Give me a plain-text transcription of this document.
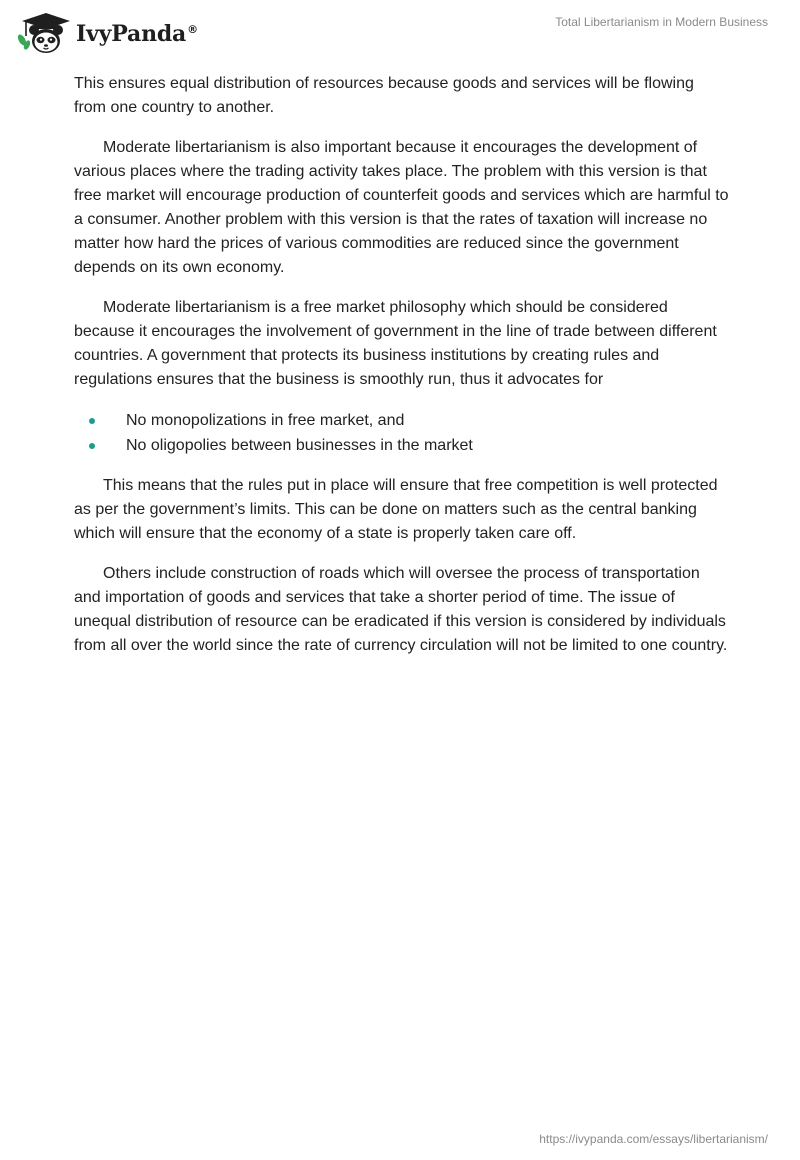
IvyPanda®
Total Libertarianism in Modern Business

This ensures equal distribution of resources because goods and services will be flowing from one country to another.

Moderate libertarianism is also important because it encourages the development of various places where the trading activity takes place. The problem with this version is that free market will encourage production of counterfeit goods and services which are harmful to a consumer. Another problem with this version is that the rates of taxation will increase no matter how hard the prices of various commodities are reduced since the government depends on its own economy.

Moderate libertarianism is a free market philosophy which should be considered because it encourages the involvement of government in the line of trade between different countries. A government that protects its business institutions by creating rules and regulations ensures that the business is smoothly run, thus it advocates for

No monopolizations in free market, and
No oligopolies between businesses in the market

This means that the rules put in place will ensure that free competition is well protected as per the government’s limits. This can be done on matters such as the central banking which will ensure that the economy of a state is properly taken care off.

Others include construction of roads which will oversee the process of transportation and importation of goods and services that take a shorter period of time. The issue of unequal distribution of resource can be eradicated if this version is considered by individuals from all over the world since the rate of currency circulation will not be limited to one country.

https://ivypanda.com/essays/libertarianism/
